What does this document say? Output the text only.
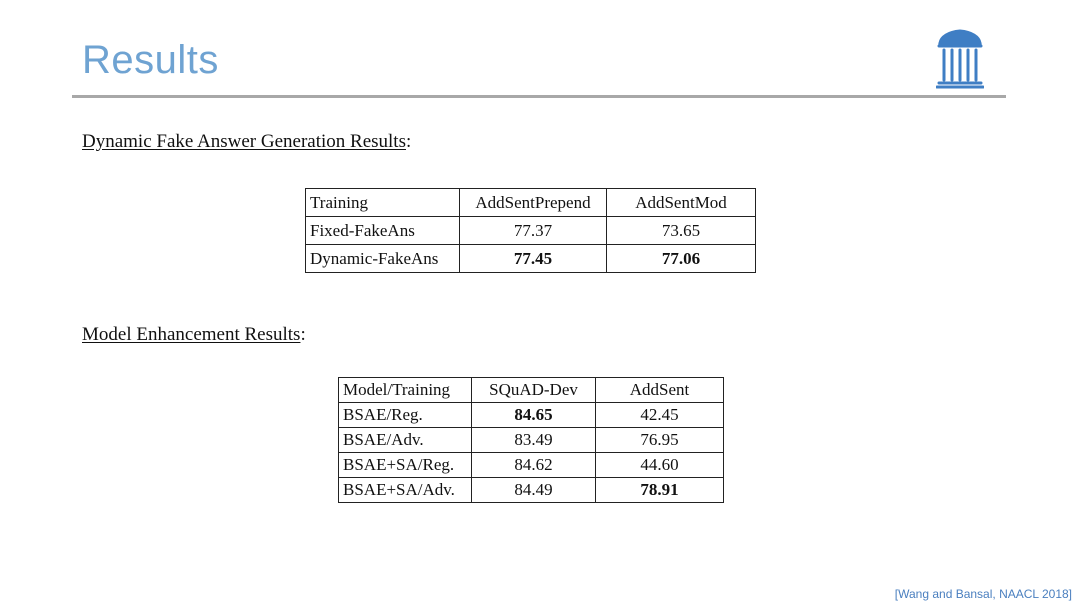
Results
Dynamic Fake Answer Generation Results:
Training	AddSentPrepend	AddSentMod
Fixed-FakeAns	77.37	73.65
Dynamic-FakeAns	77.45	77.06
Model Enhancement Results:
Model/Training	SQuAD-Dev	AddSent
BSAE/Reg.	84.65	42.45
BSAE/Adv.	83.49	76.95
BSAE+SA/Reg.	84.62	44.60
BSAE+SA/Adv.	84.49	78.91
[Wang and Bansal, NAACL 2018]
